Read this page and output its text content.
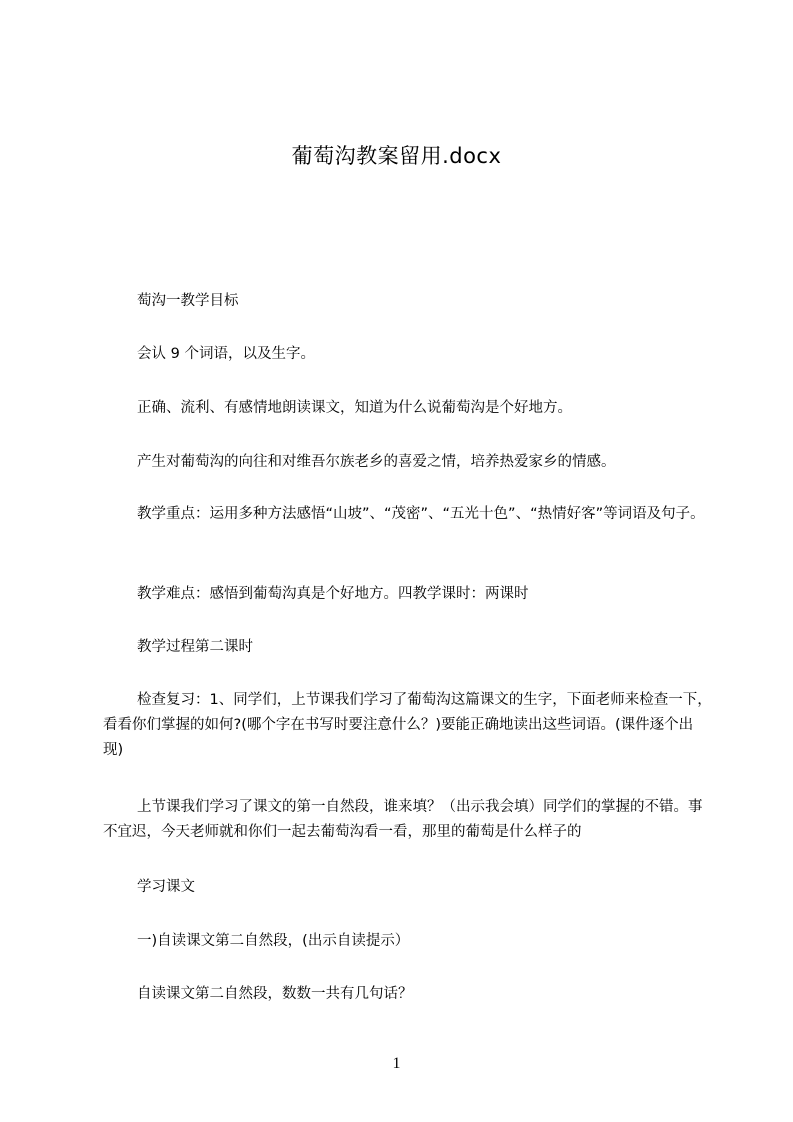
葡萄沟教案留用.docx
萄沟一教学目标
会认 9 个词语，以及生字。
正确、流利、有感情地朗读课文，知道为什么说葡萄沟是个好地方。
产生对葡萄沟的向往和对维吾尔族老乡的喜爱之情，培养热爱家乡的情感。
教学重点：运用多种方法感悟“山坡”、“茂密”、“五光十色”、“热情好客”等词语及句子。
教学难点：感悟到葡萄沟真是个好地方。四教学课时：两课时
教学过程第二课时
检查复习：1、同学们，上节课我们学习了葡萄沟这篇课文的生字，下面老师来检查一下，看看你们掌握的如何?(哪个字在书写时要注意什么？)要能正确地读出这些词语。(课件逐个出现)
上节课我们学习了课文的第一自然段，谁来填？（出示我会填）同学们的掌握的不错。事不宜迟，今天老师就和你们一起去葡萄沟看一看，那里的葡萄是什么样子的
学习课文
一)自读课文第二自然段，(出示自读提示）
自读课文第二自然段，数数一共有几句话？
1
